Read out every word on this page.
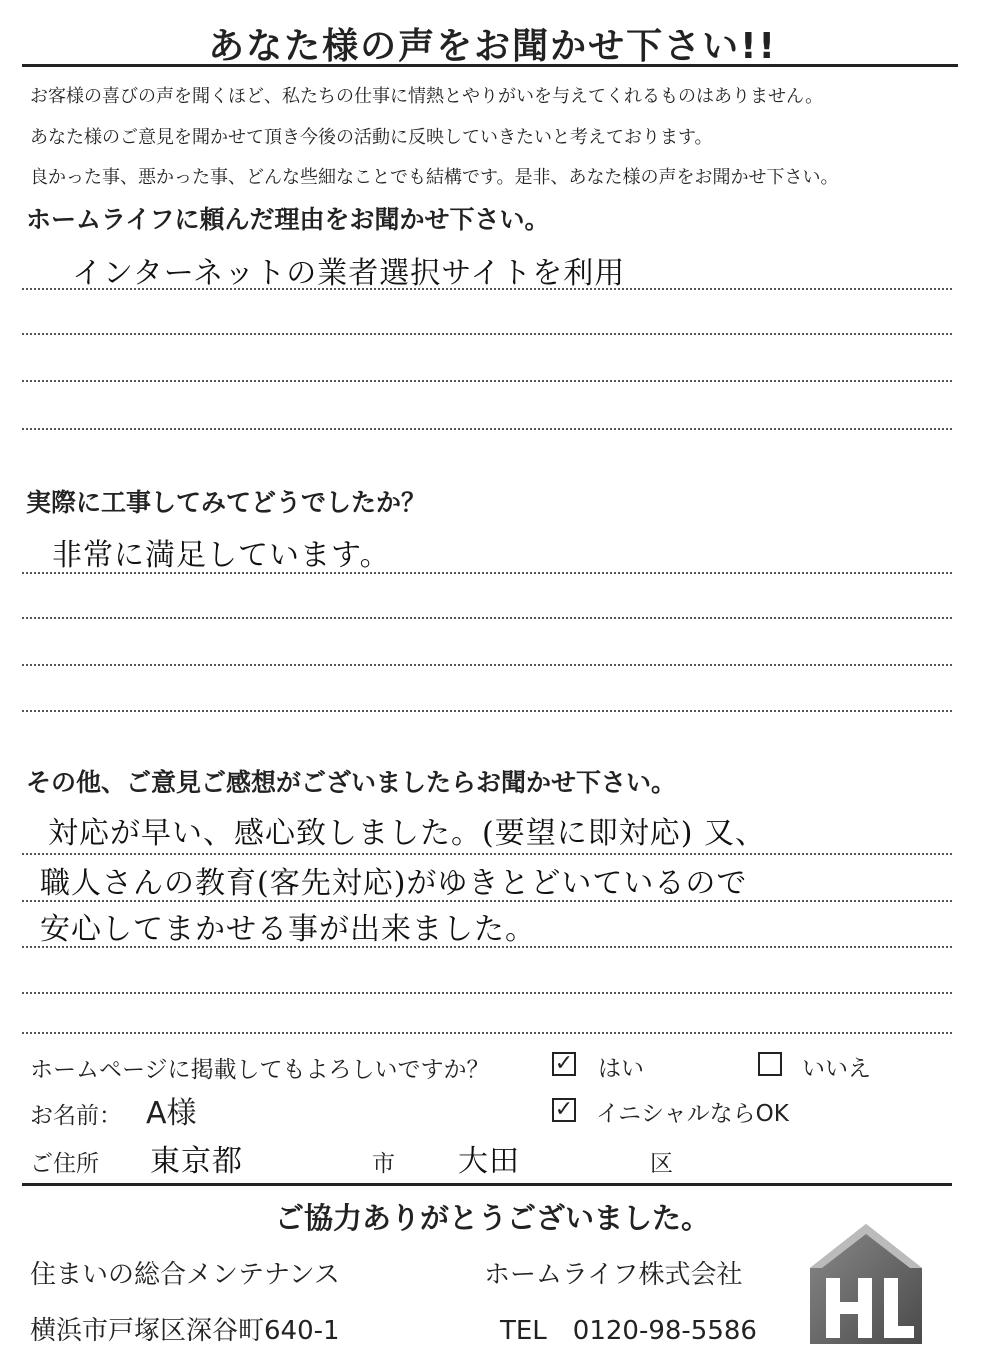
あなた様の声をお聞かせ下さい!!
お客様の喜びの声を聞くほど、私たちの仕事に情熱とやりがいを与えてくれるものはありません。
あなた様のご意見を聞かせて頂き今後の活動に反映していきたいと考えております。
良かった事、悪かった事、どんな些細なことでも結構です。是非、あなた様の声をお聞かせ下さい。
ホームライフに頼んだ理由をお聞かせ下さい。
インターネットの業者選択サイトを利用
実際に工事してみてどうでしたか？
非常に満足しています。
その他、ご意見ご感想がございましたらお聞かせ下さい。
対応が早い、感心致しました。(要望に即対応) 又、
職人さんの教育(客先対応)がゆきとどいているので
安心してまかせる事が出来ました。
ホームページに掲載してもよろしいですか？	✓ はい	いいえ
お名前： A様	✓ イニシャルならOK
ご住所 東京都	市 大田	区
ご協力ありがとうございました。
住まいの総合メンテナンス	ホームライフ株式会社
横浜市戸塚区深谷町640-1	TEL　0120-98-5586
